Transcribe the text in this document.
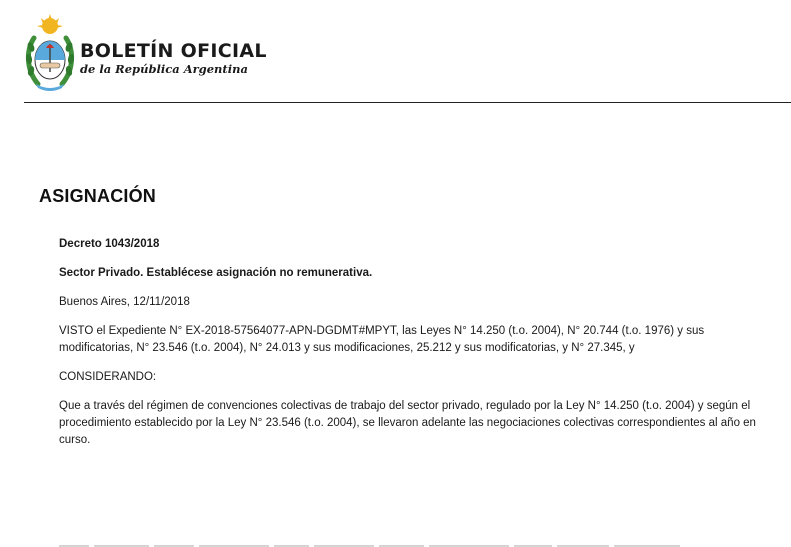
BOLETÍN OFICIAL
de la República Argentina
ASIGNACIÓN

Decreto 1043/2018

Sector Privado. Establécese asignación no remunerativa.

Buenos Aires, 12/11/2018

VISTO el Expediente N° EX-2018-57564077-APN-DGDMT#MPYT, las Leyes N° 14.250 (t.o. 2004), N° 20.744 (t.o. 1976) y sus modificatorias, N° 23.546 (t.o. 2004), N° 24.013 y sus modificaciones, 25.212 y sus modificatorias, y N° 27.345, y

CONSIDERANDO:

Que a través del régimen de convenciones colectivas de trabajo del sector privado, regulado por la Ley N° 14.250 (t.o. 2004) y según el procedimiento establecido por la Ley N° 23.546 (t.o. 2004), se llevaron adelante las negociaciones colectivas correspondientes al año en curso.
